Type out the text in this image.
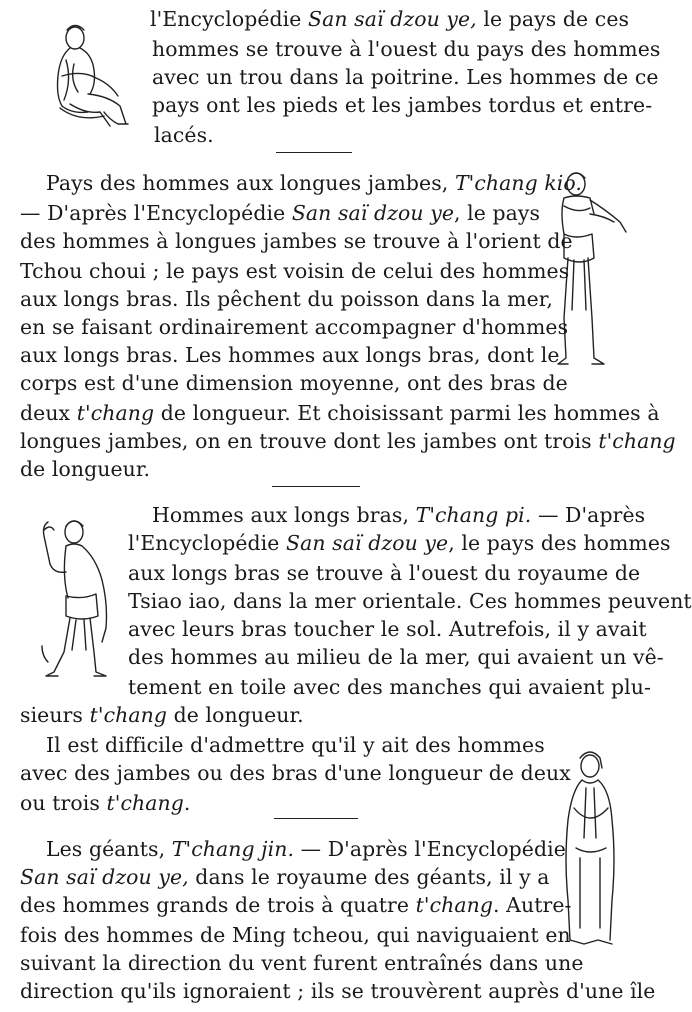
l'Encyclopédie San saï dzou ye, le pays de ces
hommes se trouve à l'ouest du pays des hommes
avec un trou dans la poitrine. Les hommes de ce
pays ont les pieds et les jambes tordus et entre-
lacés.
Pays des hommes aux longues jambes, T'chang kio.
— D'après l'Encyclopédie San saï dzou ye, le pays
des hommes à longues jambes se trouve à l'orient de
Tchou choui ; le pays est voisin de celui des hommes
aux longs bras. Ils pêchent du poisson dans la mer,
en se faisant ordinairement accompagner d'hommes
aux longs bras. Les hommes aux longs bras, dont le
corps est d'une dimension moyenne, ont des bras de
deux t'chang de longueur. Et choisissant parmi les hommes à
longues jambes, on en trouve dont les jambes ont trois t'chang
de longueur.
Hommes aux longs bras, T'chang pi. — D'après
l'Encyclopédie San saï dzou ye, le pays des hommes
aux longs bras se trouve à l'ouest du royaume de
Tsiao iao, dans la mer orientale. Ces hommes peuvent
avec leurs bras toucher le sol. Autrefois, il y avait
des hommes au milieu de la mer, qui avaient un vê-
tement en toile avec des manches qui avaient plu-
sieurs t'chang de longueur.
Il est difficile d'admettre qu'il y ait des hommes
avec des jambes ou des bras d'une longueur de deux
ou trois t'chang.
Les géants, T'chang jin. — D'après l'Encyclopédie
San saï dzou ye, dans le royaume des géants, il y a
des hommes grands de trois à quatre t'chang. Autre-
fois des hommes de Ming tcheou, qui naviguaient en
suivant la direction du vent furent entraînés dans une
direction qu'ils ignoraient ; ils se trouvèrent auprès d'une île
